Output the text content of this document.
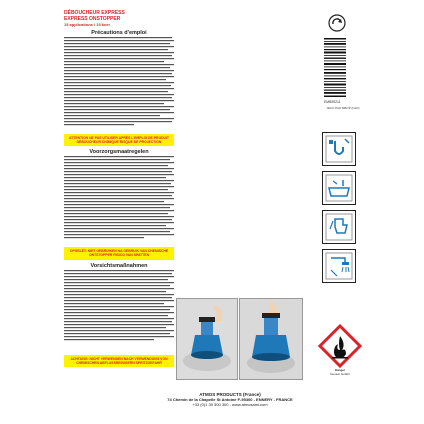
DÉBOUCHEUR EXPRESS
EXPRESS ONSTOPPER
15 applications / 15 keer
Précautions d'emploi
ATTENTION NE PAS UTILISER APRÈS L'EMPLOI DE PRODUIT DÉBOUCHEUR CHIMIQUE RISQUE DE PROJECTION
Voorzorgsmaatregelen
OPGELET: NIET GEBRUIKEN NA GEBRUIK VAN CHEMISCHE ONTSTOPPER RISICO VAN SPATTEN
Vorsichtsmaßnahmen
ACHTUNG: NICHT VERWENDEN NACH VERWENDUNG VON CHEMISCHEN ABFLUSSREINIGERN SPRITZGEFAHR
EMB95211
JEKO PAD MBOP (NLD)
Danger
Gevaar Gefahr
ATMOS PRODUCTS (France)
74 Chemin de la Chapelle St Antoine F-95300 - ENNERY - FRANCE
+33 (0)1 30 300 300 - www.atmosami.com
